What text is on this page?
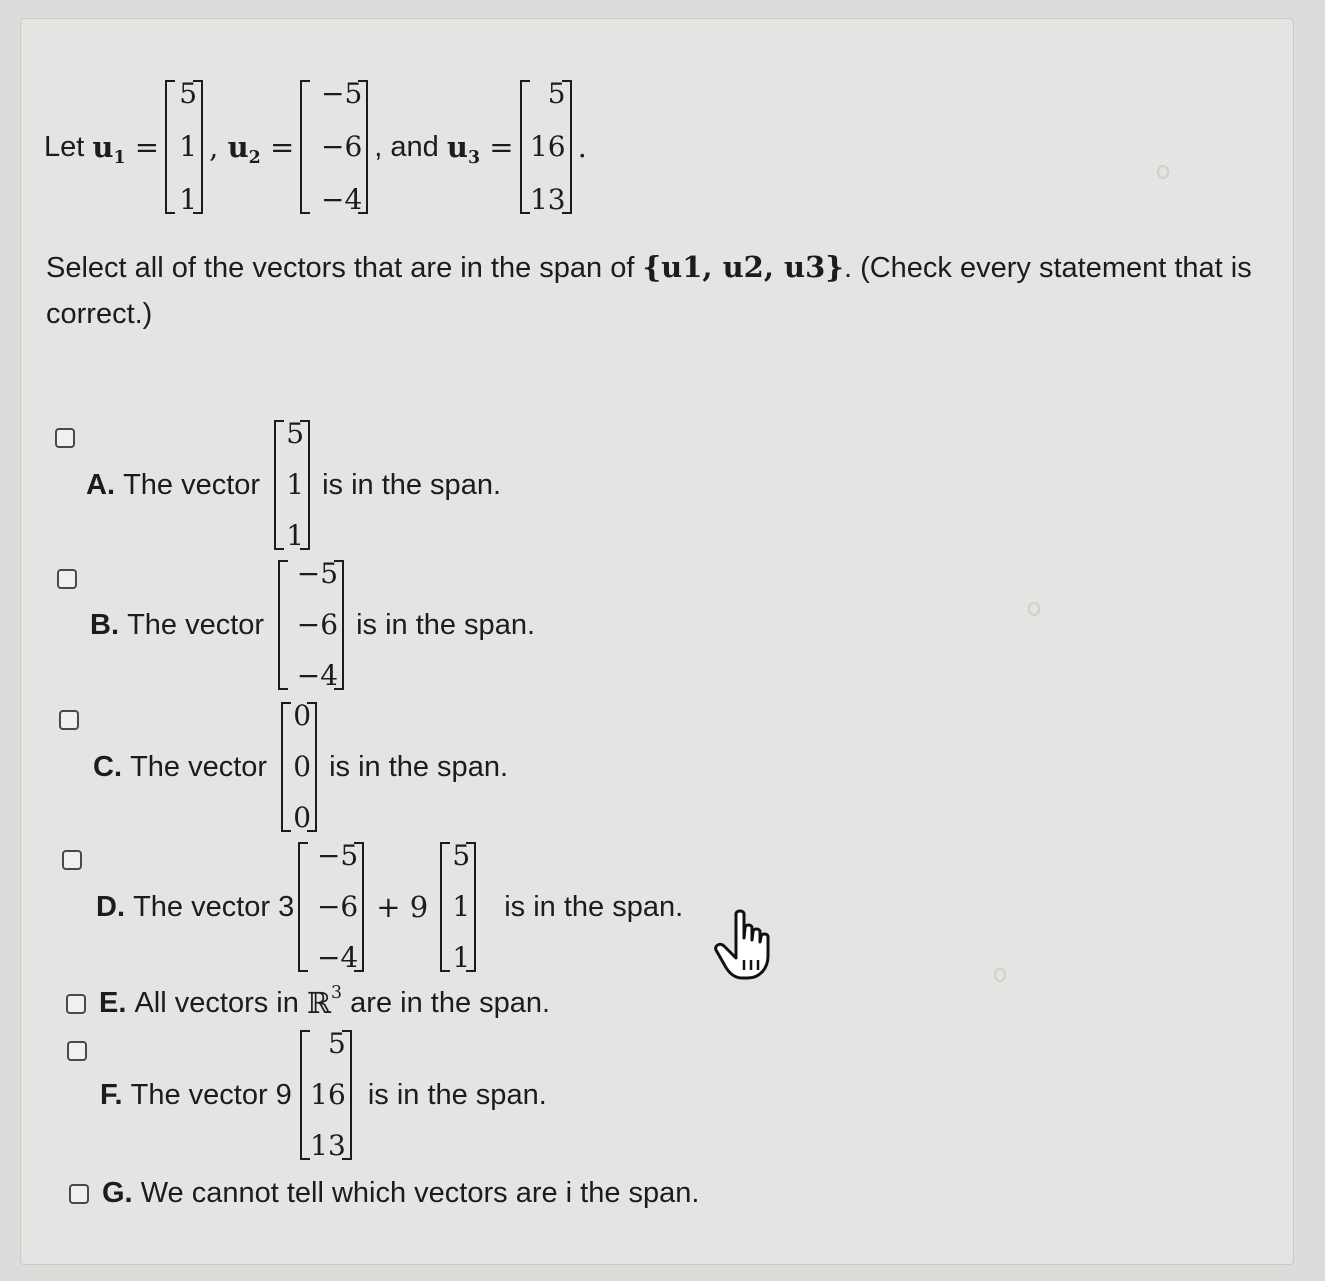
Let
$u_1$ =
5
1
1
, $u_2$ =
−5
−6
−4
, and
$u_3$ =
5
16
13
.
Select all of the vectors that are in the span of {u1, u2, u3}. (Check every statement that is correct.)
A.
The vector
5
1
1
is in the span.
B.
The vector
−5
−6
−4
is in the span.
C.
The vector
0
0
0
is in the span.
D.
The vector 3
−5
−6
−4
+ 9
5
1
1
is in the span.
E.
All vectors in
ℝ 3
are in the span.
F.
The vector 9
5
16
13
is in the span.
G.
We cannot tell which vectors are i the span.
